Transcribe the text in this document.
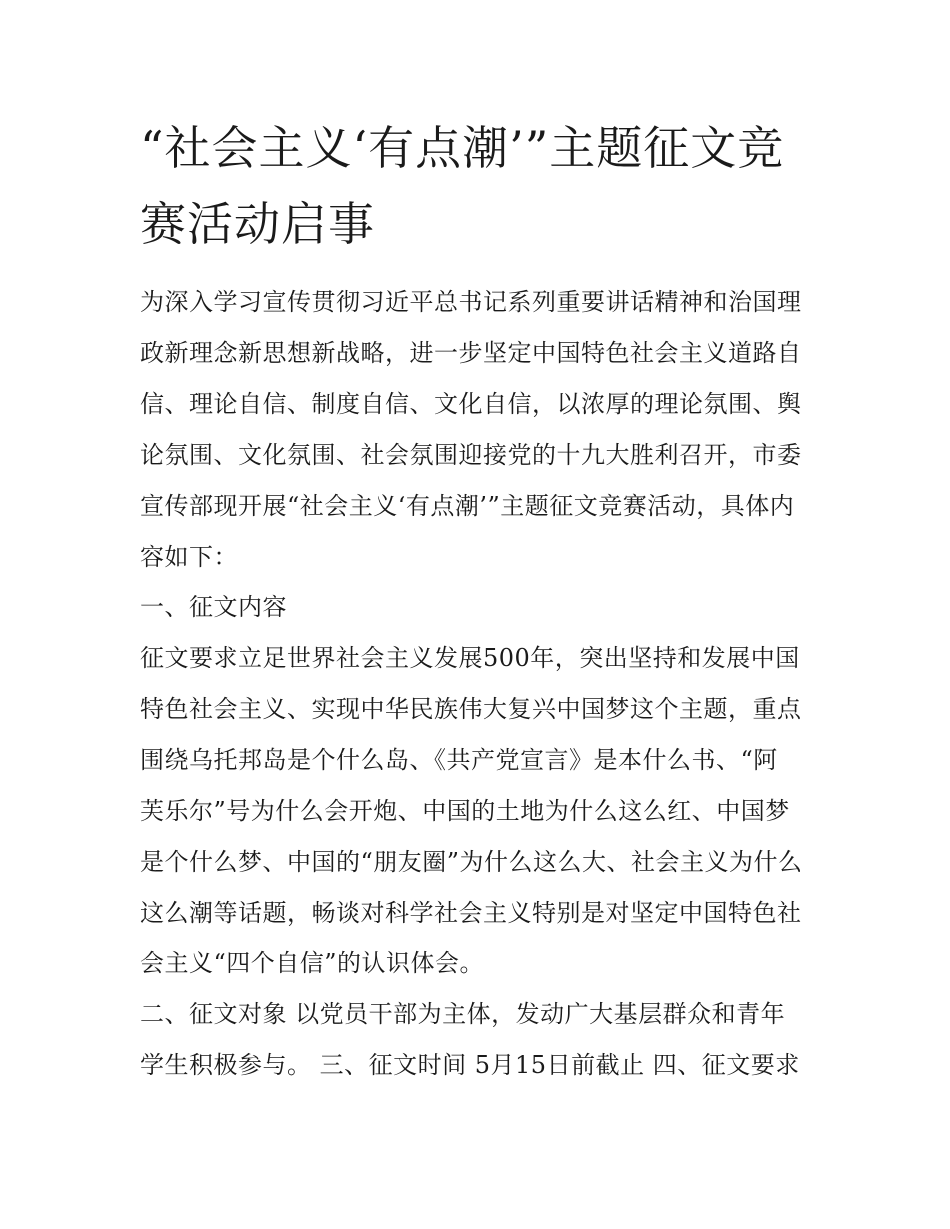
“社会主义‘有点潮’”主题征文竞
赛活动启事
为深入学习宣传贯彻习近平总书记系列重要讲话精神和治国理
政新理念新思想新战略，进一步坚定中国特色社会主义道路自
信、理论自信、制度自信、文化自信，以浓厚的理论氛围、舆
论氛围、文化氛围、社会氛围迎接党的十九大胜利召开，市委
宣传部现开展“社会主义‘有点潮’”主题征文竞赛活动，具体内
容如下：
一、征文内容
征文要求立足世界社会主义发展500年，突出坚持和发展中国
特色社会主义、实现中华民族伟大复兴中国梦这个主题，重点
围绕乌托邦岛是个什么岛、《共产党宣言》是本什么书、“阿
芙乐尔”号为什么会开炮、中国的土地为什么这么红、中国梦
是个什么梦、中国的“朋友圈”为什么这么大、社会主义为什么
这么潮等话题，畅谈对科学社会主义特别是对坚定中国特色社
会主义“四个自信”的认识体会。
二、征文对象 以党员干部为主体，发动广大基层群众和青年
学生积极参与。 三、征文时间 5月15日前截止 四、征文要求
